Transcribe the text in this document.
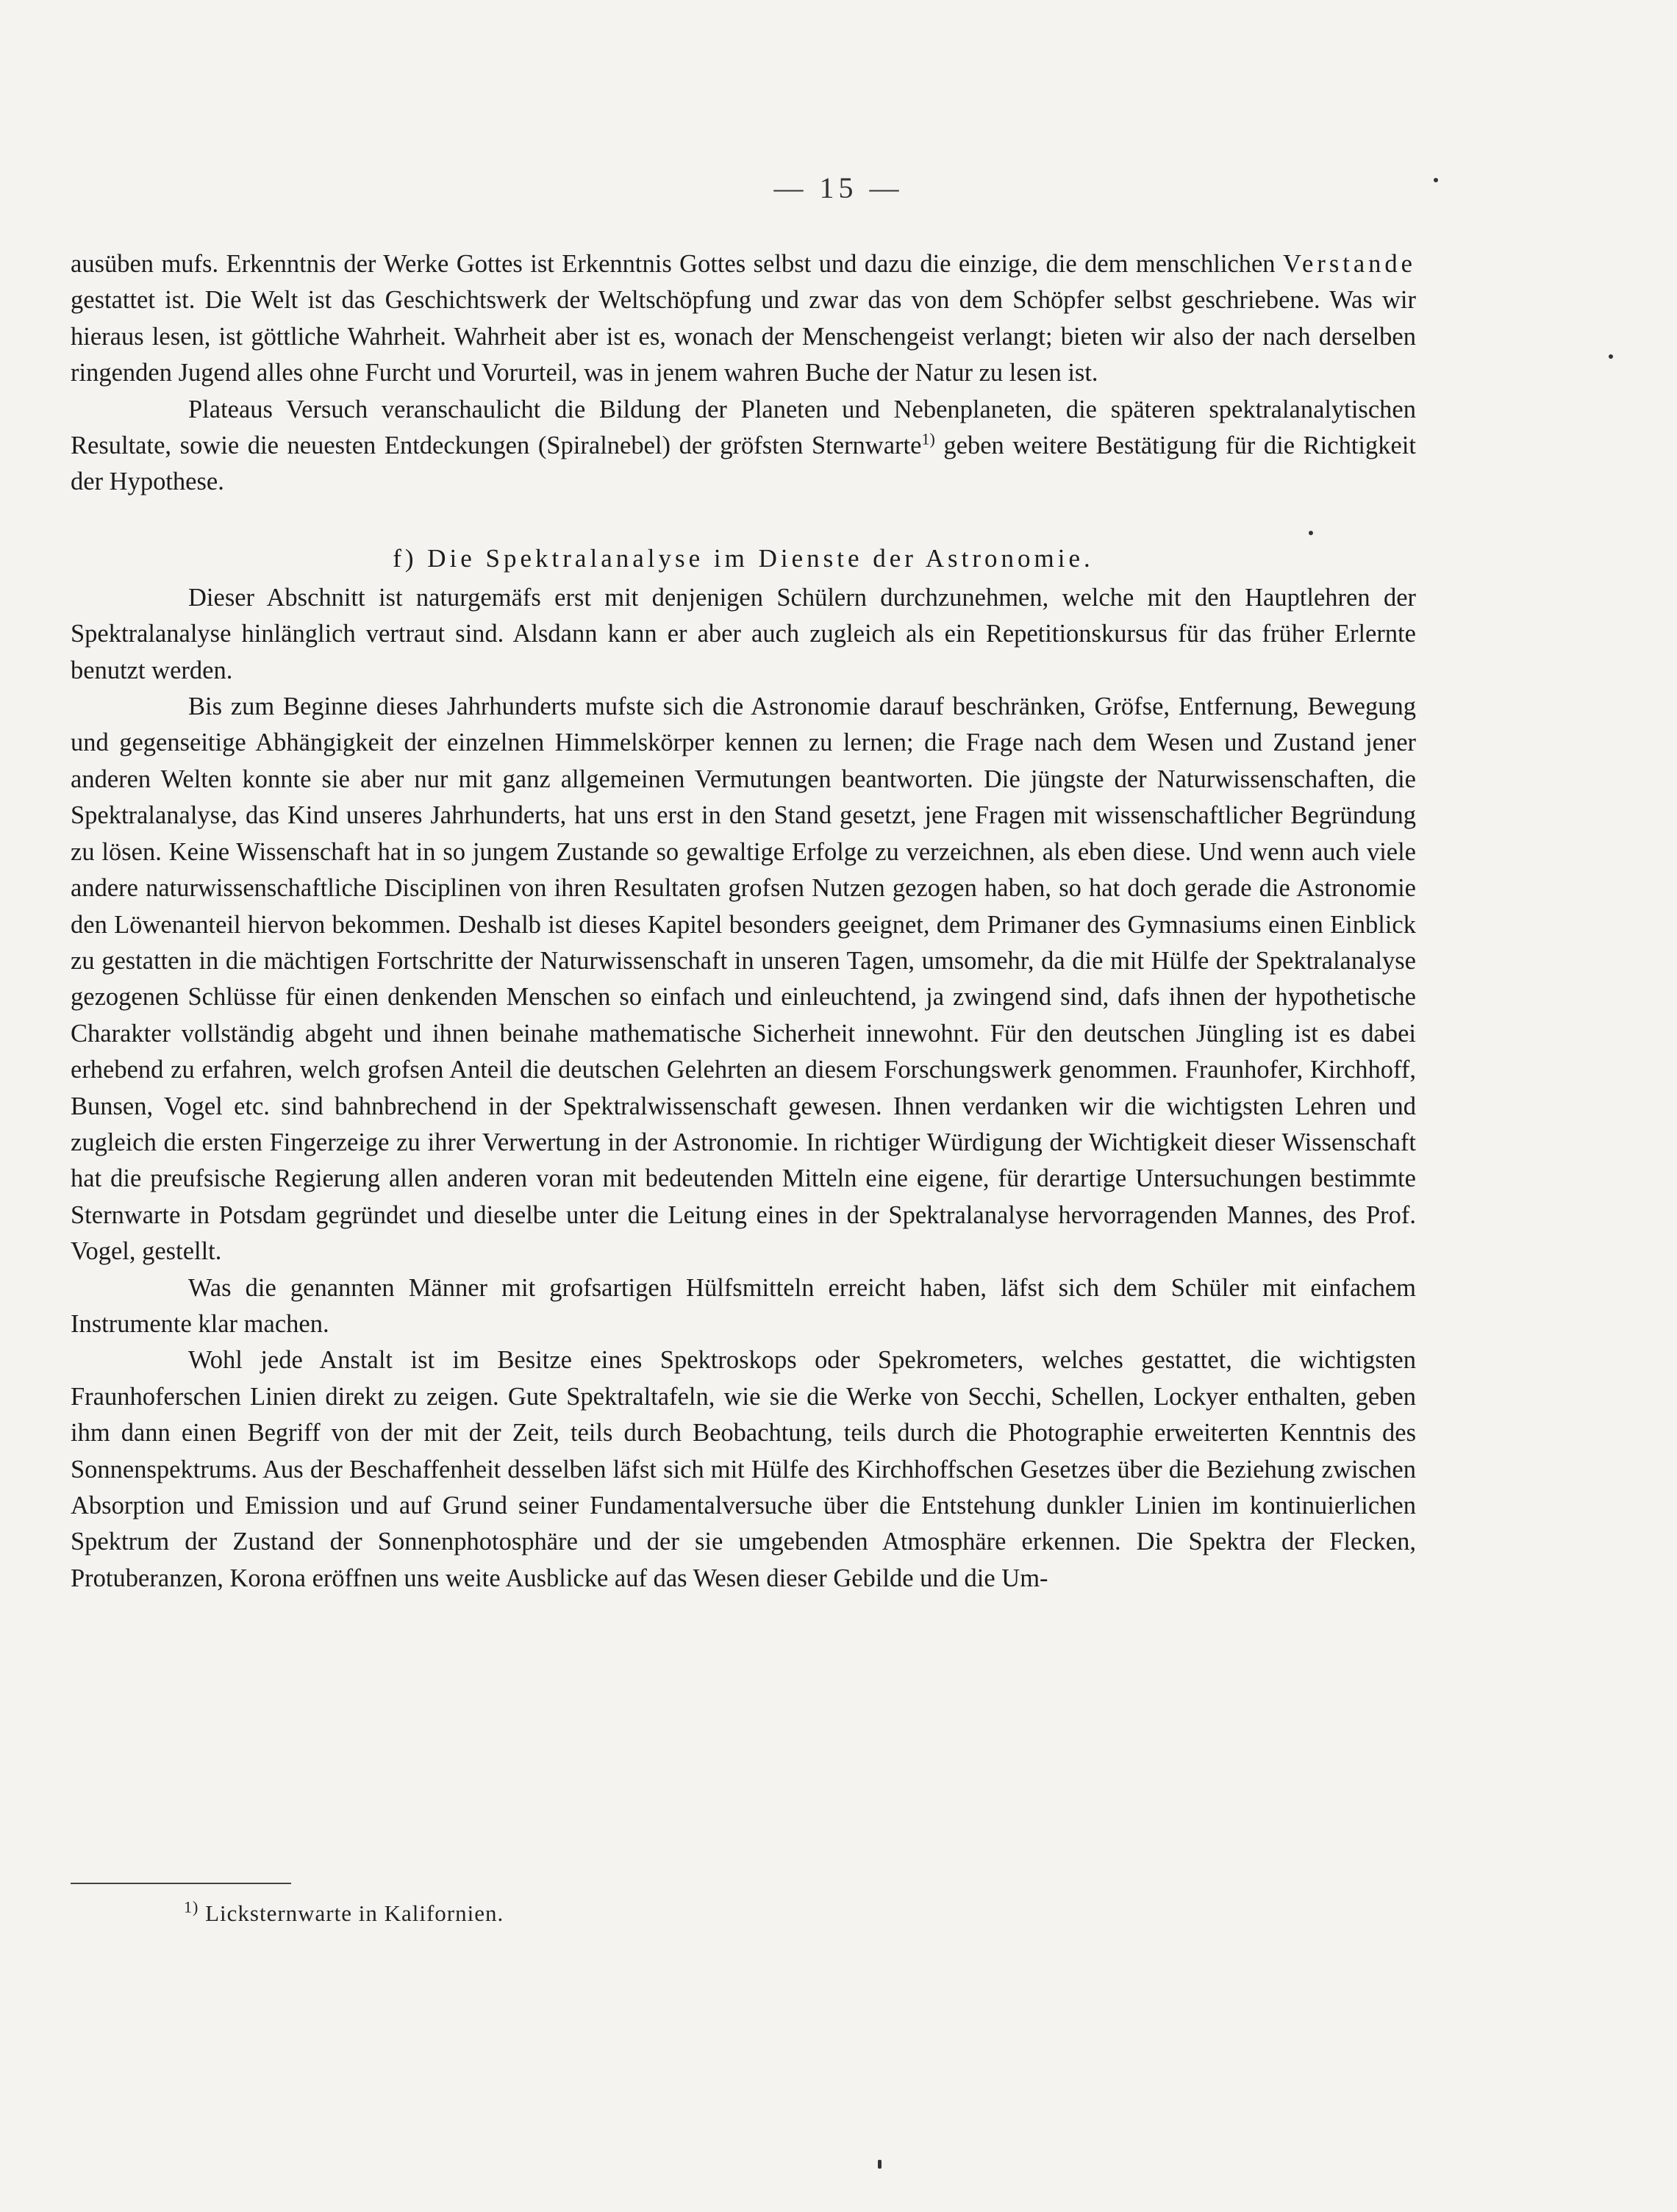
— 15 —

ausüben mufs. Erkenntnis der Werke Gottes ist Erkenntnis Gottes selbst und dazu die einzige, die dem menschlichen Verstande gestattet ist. Die Welt ist das Geschichtswerk der Weltschöpfung und zwar das von dem Schöpfer selbst geschriebene. Was wir hieraus lesen, ist göttliche Wahrheit. Wahrheit aber ist es, wonach der Menschengeist verlangt; bieten wir also der nach derselben ringenden Jugend alles ohne Furcht und Vorurteil, was in jenem wahren Buche der Natur zu lesen ist.

Plateaus Versuch veranschaulicht die Bildung der Planeten und Nebenplaneten, die späteren spektralanalytischen Resultate, sowie die neuesten Entdeckungen (Spiralnebel) der gröfsten Sternwarte$^{1)}$ geben weitere Bestätigung für die Richtigkeit der Hypothese.

f) Die Spektralanalyse im Dienste der Astronomie.

Dieser Abschnitt ist naturgemäfs erst mit denjenigen Schülern durchzunehmen, welche mit den Hauptlehren der Spektralanalyse hinlänglich vertraut sind. Alsdann kann er aber auch zugleich als ein Repetitionskursus für das früher Erlernte benutzt werden.

Bis zum Beginne dieses Jahrhunderts mufste sich die Astronomie darauf beschränken, Gröfse, Entfernung, Bewegung und gegenseitige Abhängigkeit der einzelnen Himmelskörper kennen zu lernen; die Frage nach dem Wesen und Zustand jener anderen Welten konnte sie aber nur mit ganz allgemeinen Vermutungen beantworten. Die jüngste der Naturwissenschaften, die Spektralanalyse, das Kind unseres Jahrhunderts, hat uns erst in den Stand gesetzt, jene Fragen mit wissenschaftlicher Begründung zu lösen. Keine Wissenschaft hat in so jungem Zustande so gewaltige Erfolge zu verzeichnen, als eben diese. Und wenn auch viele andere naturwissenschaftliche Disciplinen von ihren Resultaten grofsen Nutzen gezogen haben, so hat doch gerade die Astronomie den Löwenanteil hiervon bekommen. Deshalb ist dieses Kapitel besonders geeignet, dem Primaner des Gymnasiums einen Einblick zu gestatten in die mächtigen Fortschritte der Naturwissenschaft in unseren Tagen, umsomehr, da die mit Hülfe der Spektralanalyse gezogenen Schlüsse für einen denkenden Menschen so einfach und einleuchtend, ja zwingend sind, dafs ihnen der hypothetische Charakter vollständig abgeht und ihnen beinahe mathematische Sicherheit innewohnt. Für den deutschen Jüngling ist es dabei erhebend zu erfahren, welch grofsen Anteil die deutschen Gelehrten an diesem Forschungswerk genommen. Fraunhofer, Kirchhoff, Bunsen, Vogel etc. sind bahnbrechend in der Spektralwissenschaft gewesen. Ihnen verdanken wir die wichtigsten Lehren und zugleich die ersten Fingerzeige zu ihrer Verwertung in der Astronomie. In richtiger Würdigung der Wichtigkeit dieser Wissenschaft hat die preufsische Regierung allen anderen voran mit bedeutenden Mitteln eine eigene, für derartige Untersuchungen bestimmte Sternwarte in Potsdam gegründet und dieselbe unter die Leitung eines in der Spektralanalyse hervorragenden Mannes, des Prof. Vogel, gestellt.

Was die genannten Männer mit grofsartigen Hülfsmitteln erreicht haben, läfst sich dem Schüler mit einfachem Instrumente klar machen.

Wohl jede Anstalt ist im Besitze eines Spektroskops oder Spekrometers, welches gestattet, die wichtigsten Fraunhoferschen Linien direkt zu zeigen. Gute Spektraltafeln, wie sie die Werke von Secchi, Schellen, Lockyer enthalten, geben ihm dann einen Begriff von der mit der Zeit, teils durch Beobachtung, teils durch die Photographie erweiterten Kenntnis des Sonnenspektrums. Aus der Beschaffenheit desselben läfst sich mit Hülfe des Kirchhoffschen Gesetzes über die Beziehung zwischen Absorption und Emission und auf Grund seiner Fundamentalversuche über die Entstehung dunkler Linien im kontinuierlichen Spektrum der Zustand der Sonnenphotosphäre und der sie umgebenden Atmosphäre erkennen. Die Spektra der Flecken, Protuberanzen, Korona eröffnen uns weite Ausblicke auf das Wesen dieser Gebilde und die Um-

$^{1)}$ Licksternwarte in Kalifornien.
